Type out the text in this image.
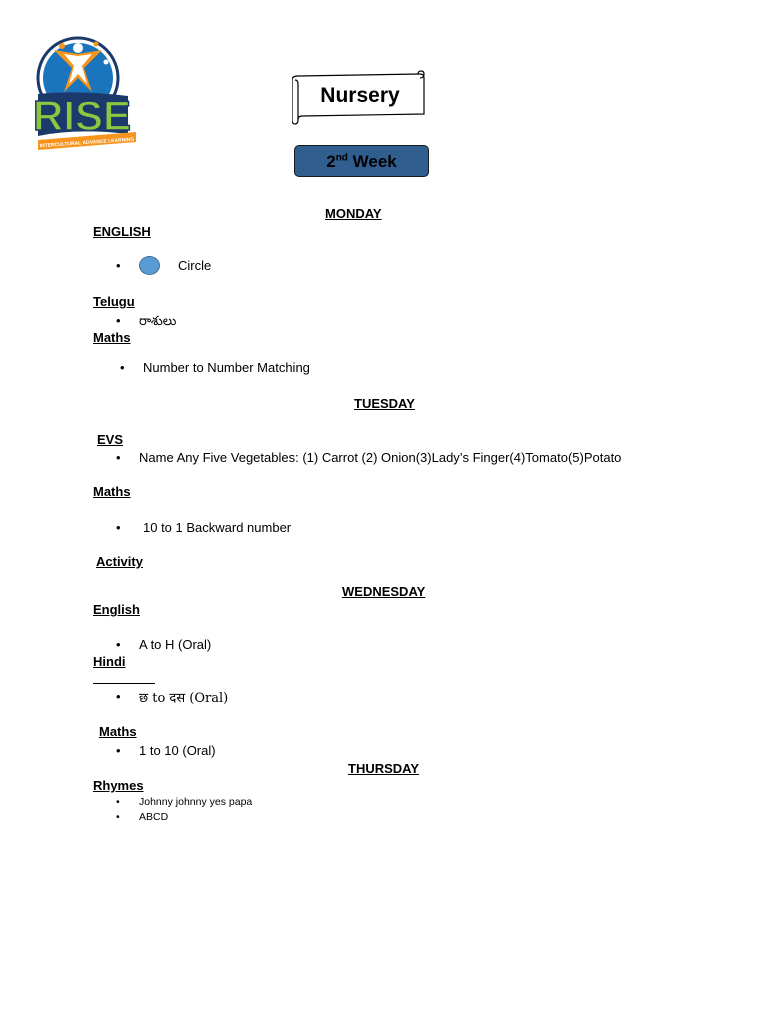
RISE
INTERCULTURAL ADVANCE LEARNING
Nursery
2nd Week
MONDAY
ENGLISH
•	Circle
Telugu
• రాశులు
Maths
• Number to Number Matching
TUESDAY
EVS
• Name Any Five Vegetables: (1) Carrot (2) Onion(3)Lady’s Finger(4)Tomato(5)Potato
Maths
• 10 to 1 Backward number
Activity
WEDNESDAY
English
• A to H (Oral)
Hindi
• छ to दस (Oral)
Maths
• 1 to 10 (Oral)
THURSDAY
Rhymes
• Johnny johnny yes papa
• ABCD
